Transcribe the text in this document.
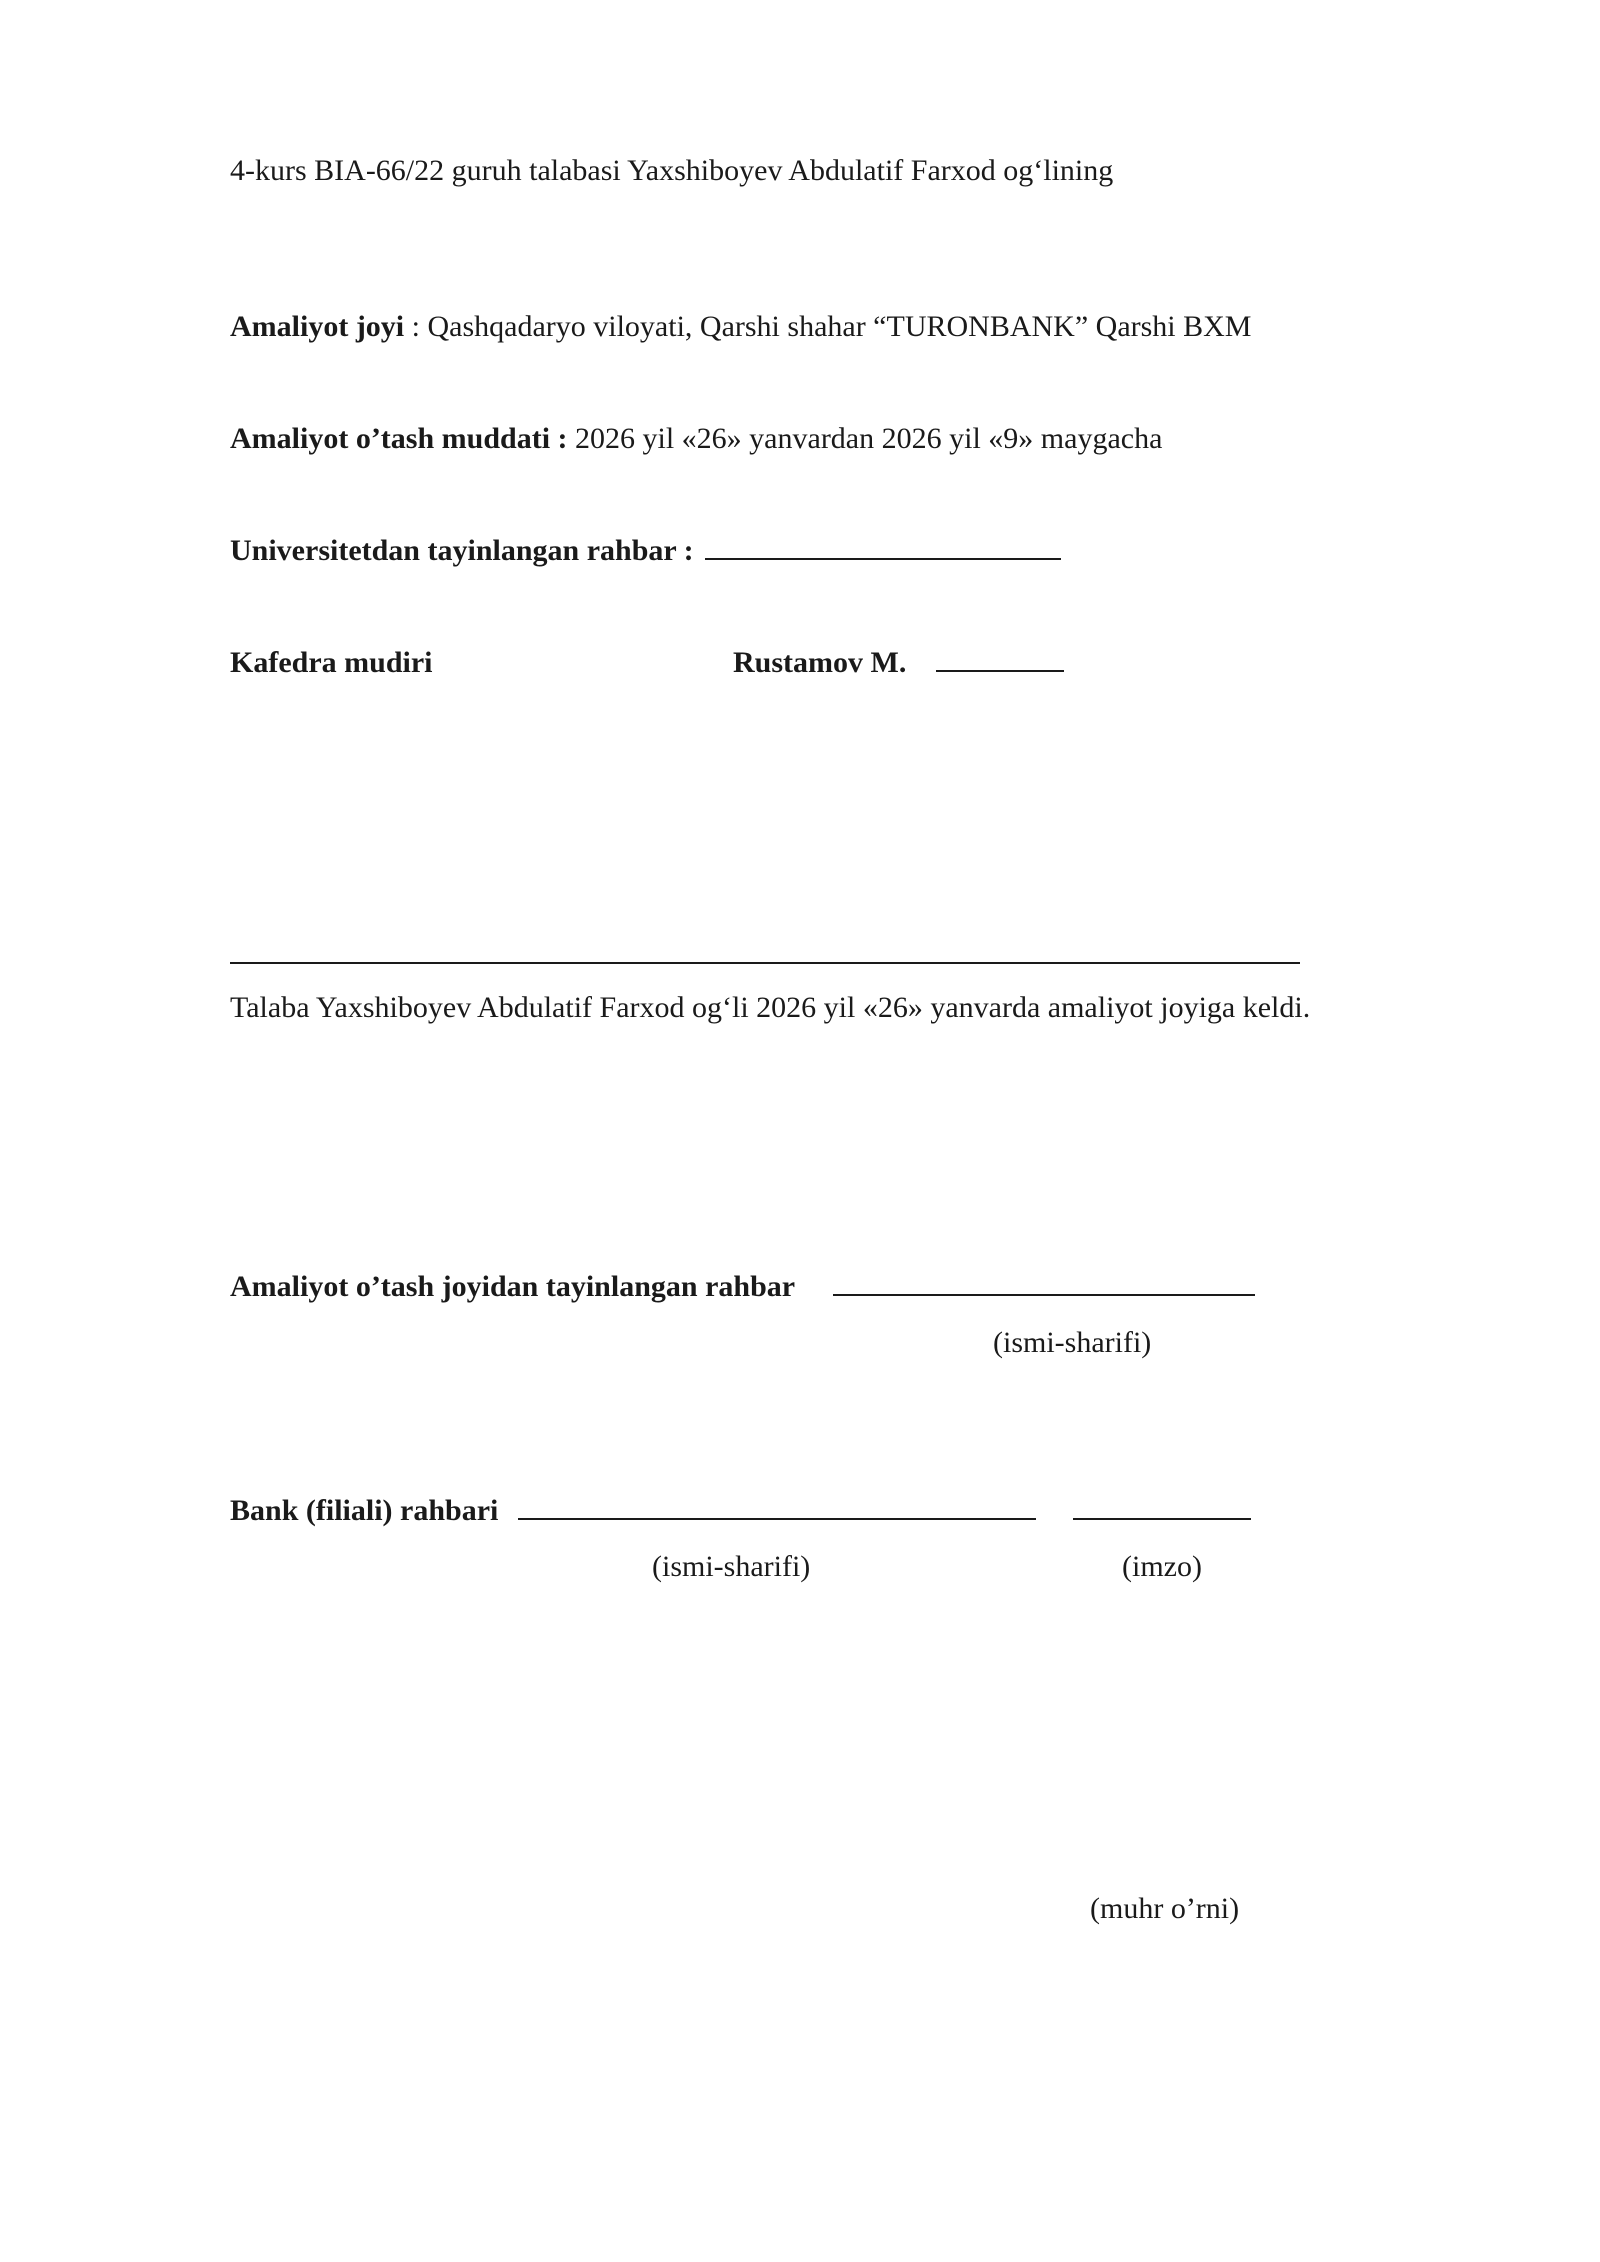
4-kurs BIA-66/22 guruh talabasi Yaxshiboyev Abdulatif Farxod og‘lining
Amaliyot joyi : Qashqadaryo viloyati, Qarshi shahar “TURONBANK” Qarshi BXM
Amaliyot o’tash muddati : 2026 yil «26» yanvardan 2026 yil «9» maygacha
Universitetdan tayinlangan rahbar :
Kafedra mudiri	Rustamov M.
Talaba Yaxshiboyev Abdulatif Farxod og‘li 2026 yil «26» yanvarda amaliyot joyiga keldi.
Amaliyot o’tash joyidan tayinlangan rahbar
(ismi-sharifi)
Bank (filiali) rahbari
(ismi-sharifi)	(imzo)
(muhr o’rni)
